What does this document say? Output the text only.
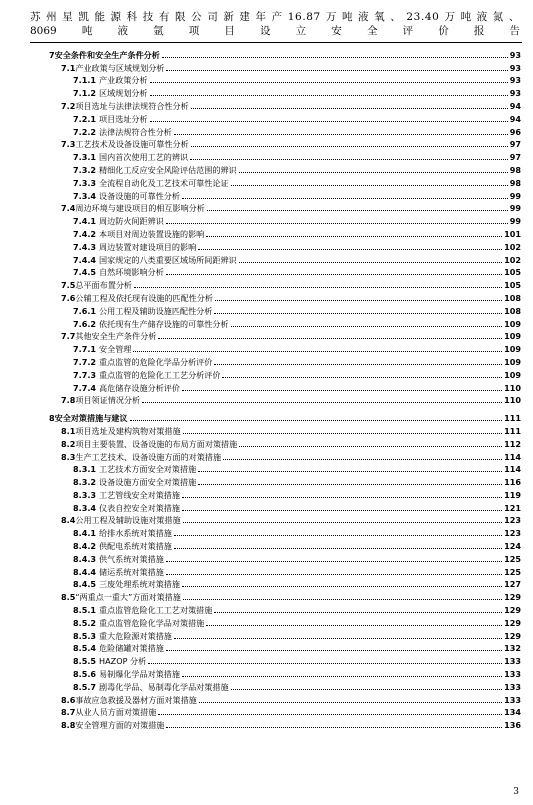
苏州星凯能源科技有限公司新建年产16.87万吨液氧、23.40万吨液氮、
8069吨液氩项目设立安全评价报告
7 安全条件和安全生产条件分析	93
7.1 产业政策与区域规划分析	93
7.1.1 产业政策分析	93
7.1.2 区域规划分析	93
7.2 项目选址与法律法规符合性分析	94
7.2.1 项目选址分析	94
7.2.2 法律法规符合性分析	96
7.3 工艺技术及设备设施可靠性分析	97
7.3.1 国内首次使用工艺的辨识	97
7.3.2 精细化工反应安全风险评估范围的辨识	98
7.3.3 全流程自动化及工艺技术可靠性论证	98
7.3.4 设备设施的可靠性分析	99
7.4 周边环境与建设项目的相互影响分析	99
7.4.1 周边防火间距辨识	99
7.4.2 本项目对周边装置设施的影响	101
7.4.3 周边装置对建设项目的影响	102
7.4.4 国家规定的八类重要区域场所间距辨识	102
7.4.5 自然环境影响分析	105
7.5 总平面布置分析	105
7.6 公辅工程及依托现有设施的匹配性分析	108
7.6.1 公用工程及辅助设施匹配性分析	108
7.6.2 依托现有生产储存设施的可靠性分析	109
7.7 其他安全生产条件分析	109
7.7.1 安全管理	109
7.7.2 重点监管的危险化学品分析评价	109
7.7.3 重点监管的危险化工工艺分析评价	109
7.7.4 高危储存设施分析评价	110
7.8 项目领证情况分析	110
8 安全对策措施与建议	111
8.1 项目选址及建构筑物对策措施	111
8.2 项目主要装置、设备设施的布局方面对策措施	112
8.3 生产工艺技术、设备设施方面的对策措施	114
8.3.1 工艺技术方面安全对策措施	114
8.3.2 设备设施方面安全对策措施	116
8.3.3 工艺管线安全对策措施	119
8.3.4 仪表自控安全对策措施	121
8.4 公用工程及辅助设施对策措施	123
8.4.1 给排水系统对策措施	123
8.4.2 供配电系统对策措施	124
8.4.3 供气系统对策措施	125
8.4.4 储运系统对策措施	125
8.4.5 三废处理系统对策措施	127
8.5 “两重点一重大”方面对策措施	129
8.5.1 重点监管危险化工工艺对策措施	129
8.5.2 重点监管危险化学品对策措施	129
8.5.3 重大危险源对策措施	129
8.5.4 危险储罐对策措施	132
8.5.5 HAZOP 分析	133
8.5.6 易制爆化学品对策措施	133
8.5.7 剧毒化学品、易制毒化学品对策措施	133
8.6 事故应急救援及器材方面对策措施	133
8.7 从业人员方面对策措施	134
8.8 安全管理方面的对策措施	136
3
